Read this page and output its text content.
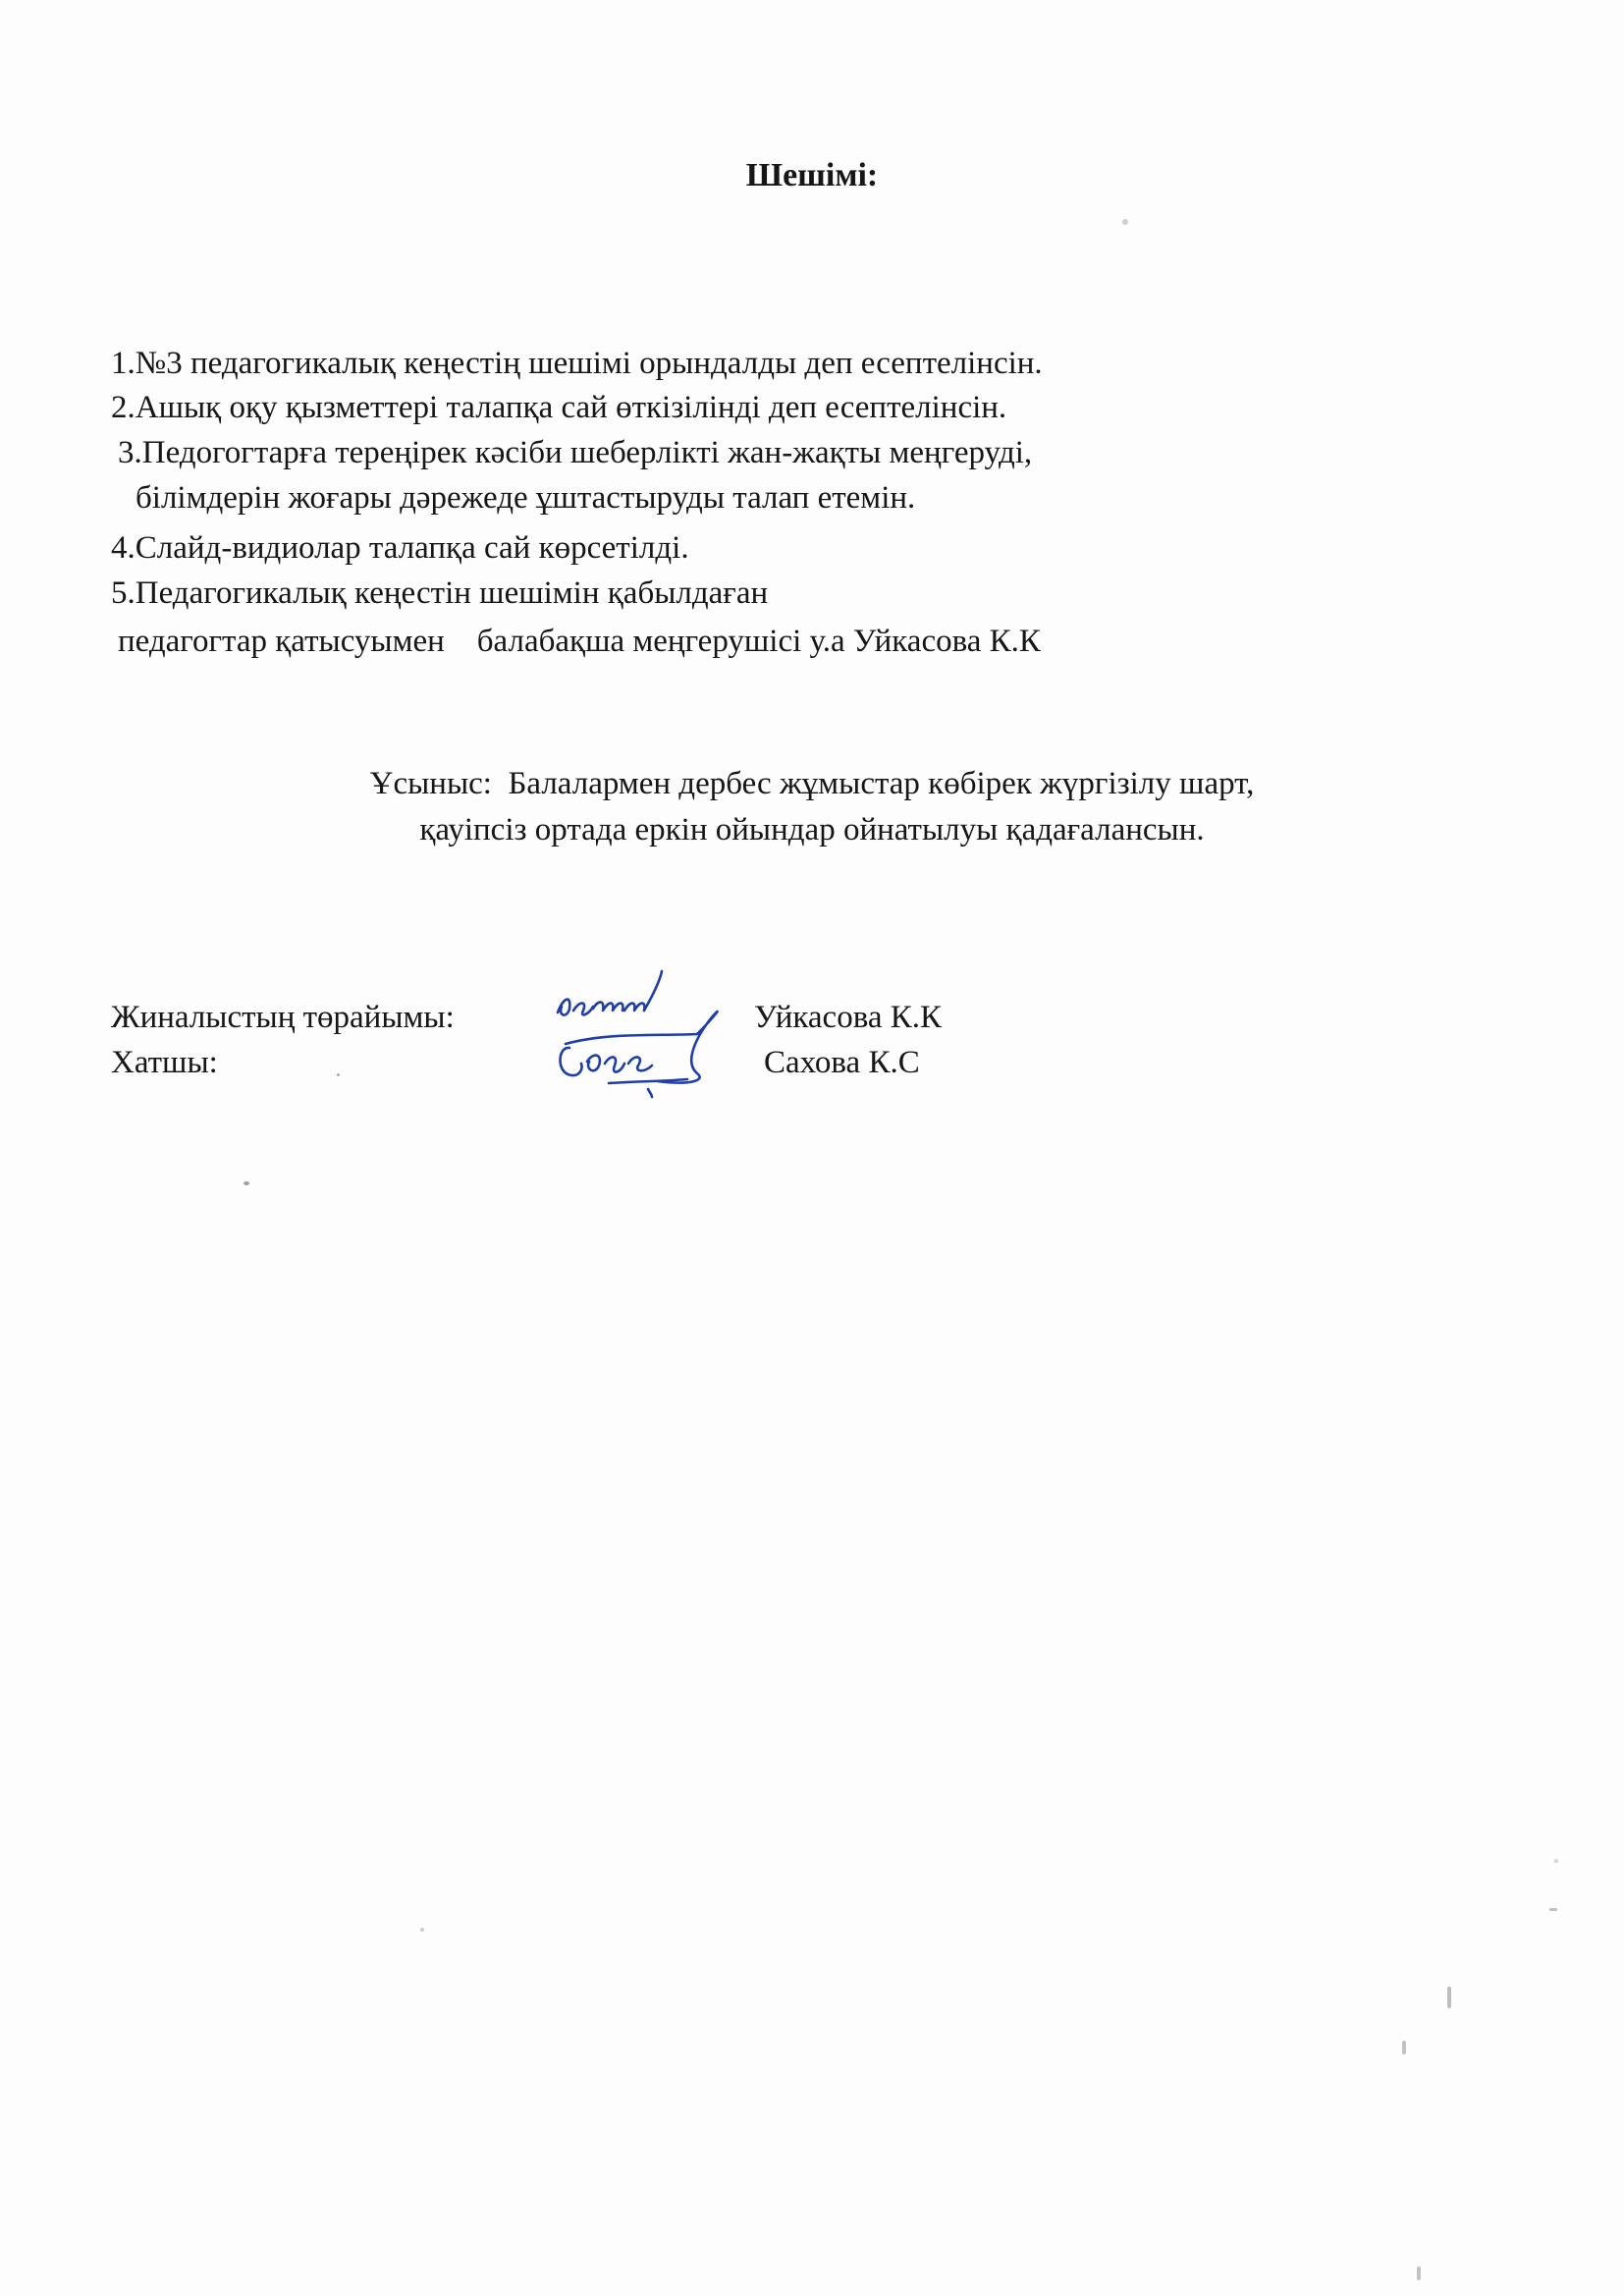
Шешімі:
1.№3 педагогикалық кеңестің шешімі орындалды деп есептелінсін.
2.Ашық оқу қызметтері талапқа сай өткізілінді деп есептелінсін.
3.Педогогтарға тереңірек кәсіби шеберлікті жан-жақты меңгеруді,
білімдерін жоғары дәрежеде ұштастыруды талап етемін.
4.Слайд-видиолар талапқа сай көрсетілді.
5.Педагогикалық кеңестін шешімін қабылдаған
педагогтар қатысуымен    балабақша меңгерушісі у.а Уйкасова К.К
Ұсыныс:  Балалармен дербес жұмыстар көбірек жүргізілу шарт,
қауіпсіз ортада еркін ойындар ойнатылуы қадағалансын.
Жиналыстың төрайымы:	Уйкасова К.К
Хатшы:	Сахова К.С
